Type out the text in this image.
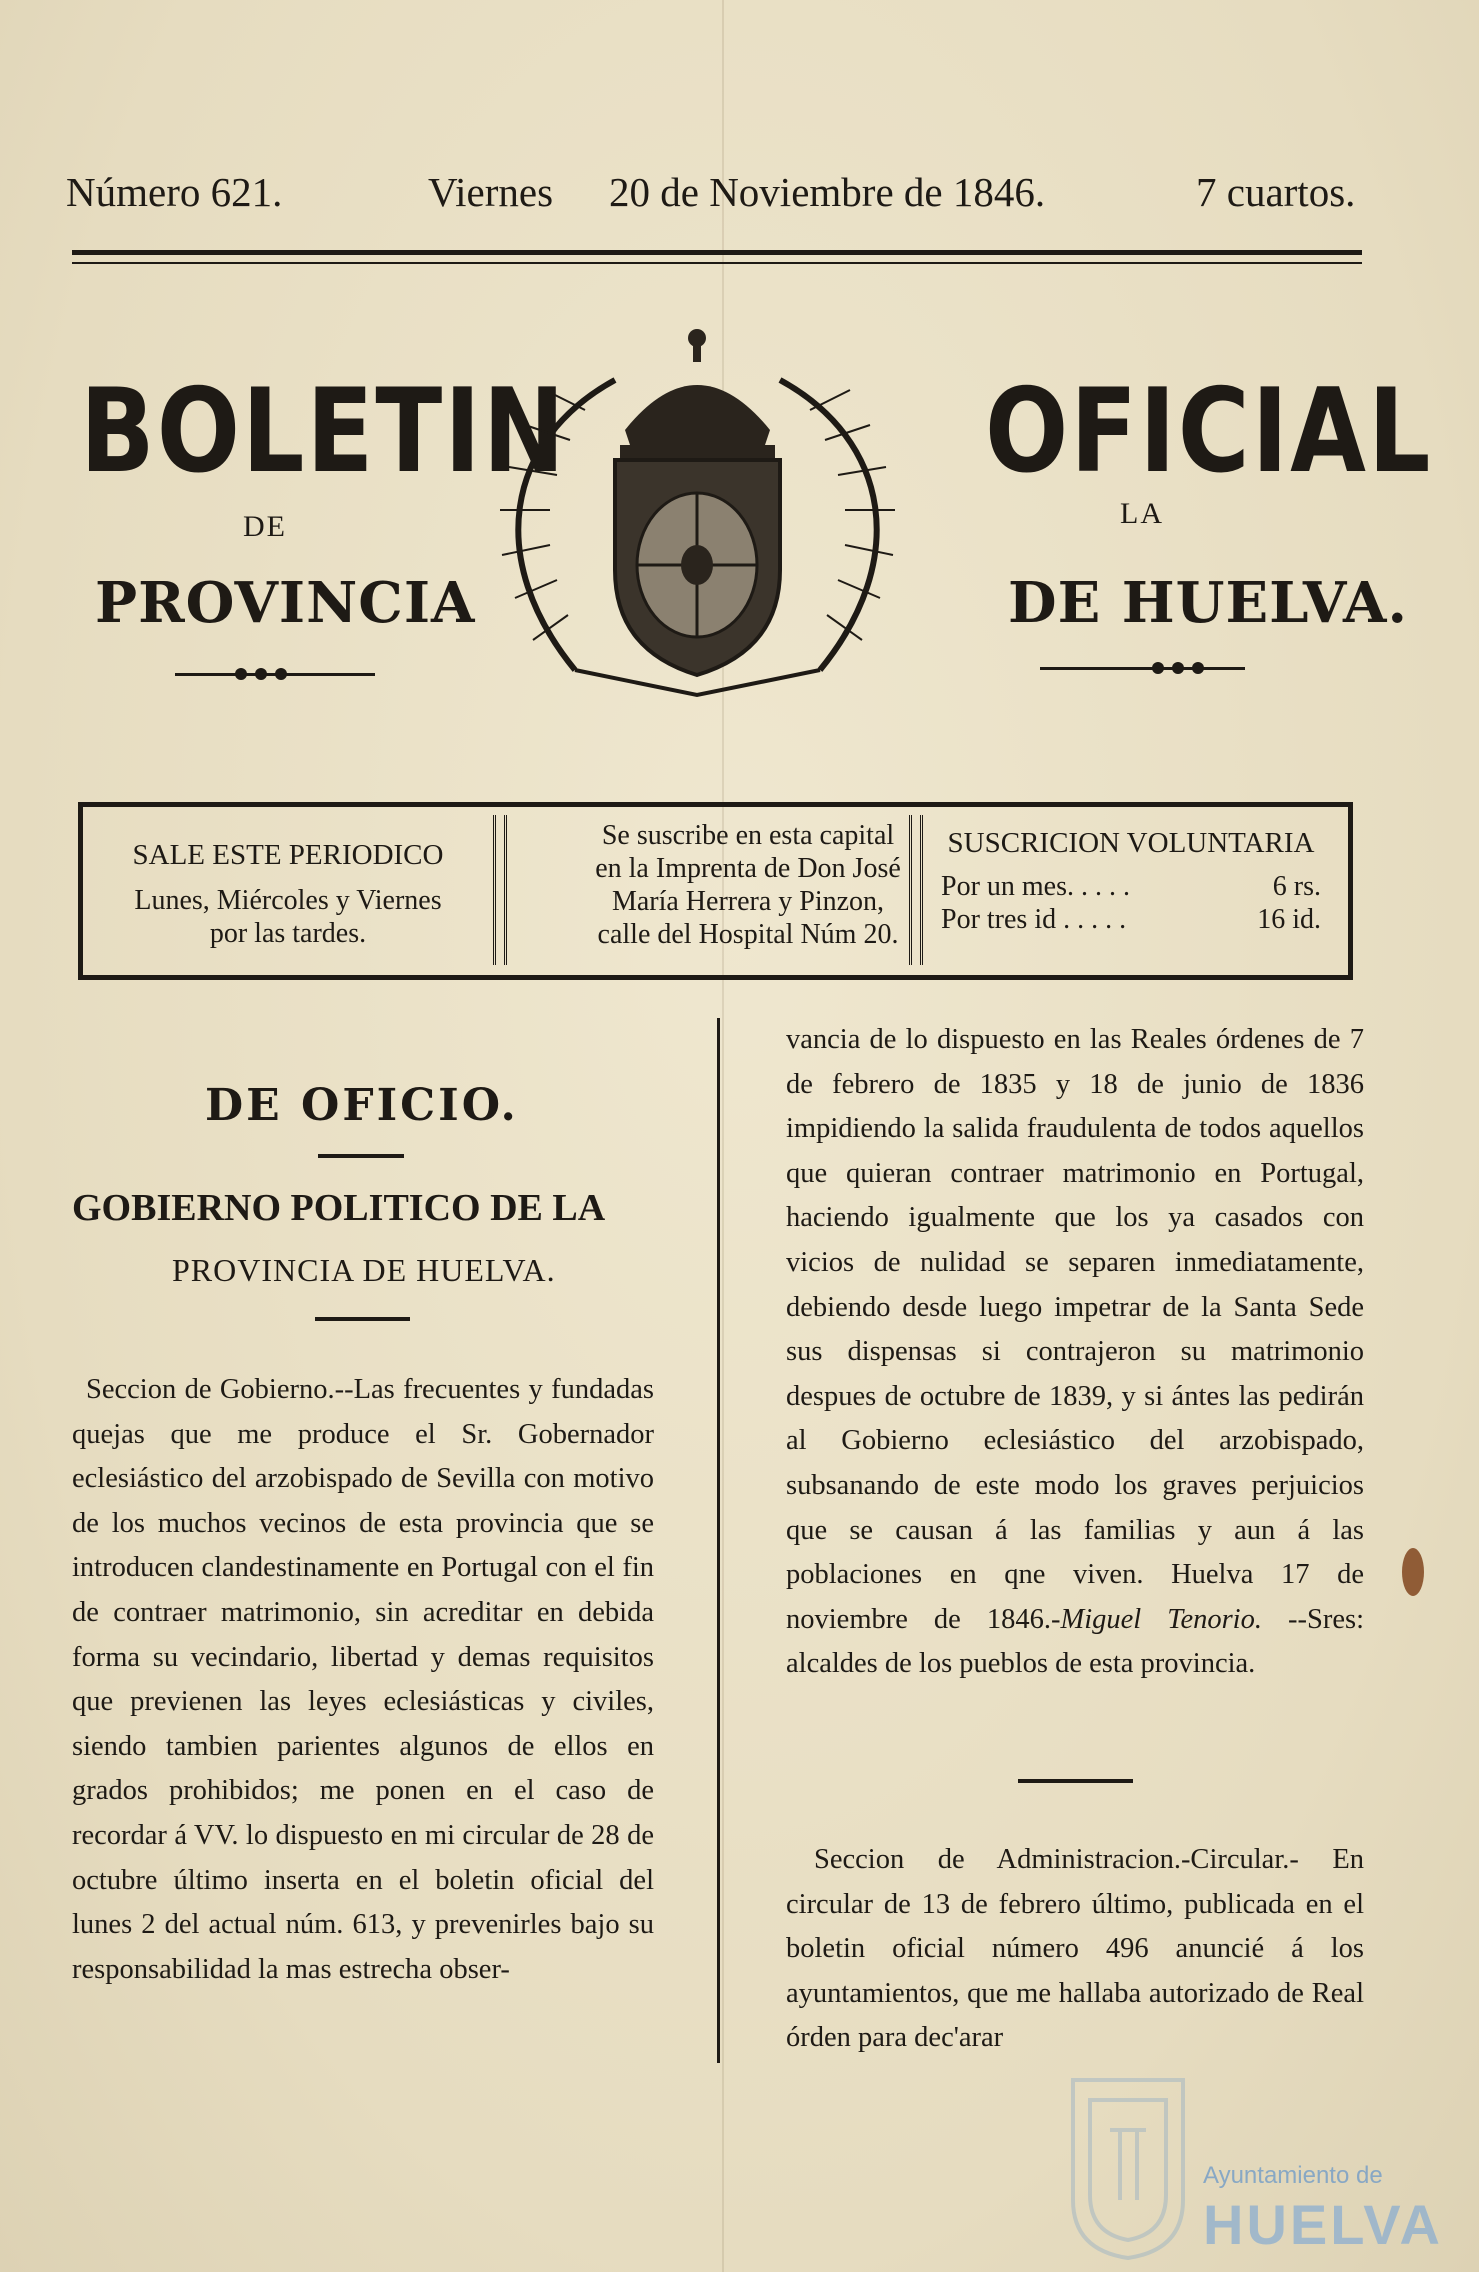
Número 621.	Viernes 20 de Noviembre de 1846.	7 cuartos.
BOLETIN
DE
PROVINCIA
OFICIAL
LA
DE HUELVA.
SALE ESTE PERIODICO
Lunes, Miércoles y Viernes
por las tardes.
Se suscribe en esta capital
en la Imprenta de Don José
María Herrera y Pinzon,
calle del Hospital Núm 20.
SUSCRICION VOLUNTARIA
Por un mes. . . . .	6 rs.
Por tres id . . . . .	16 id.
DE OFICIO.
GOBIERNO POLITICO DE LA
PROVINCIA DE HUELVA.

Seccion de Gobierno.--Las frecuentes y fundadas quejas que me produce el Sr. Gobernador eclesiástico del arzobispado de Sevilla con motivo de los muchos vecinos de esta provincia que se introducen clandestinamente en Portugal con el fin de contraer matrimonio, sin acreditar en debida forma su vecindario, libertad y demas requisitos que previenen las leyes eclesiásticas y civiles, siendo tambien parientes algunos de ellos en grados prohibidos; me ponen en el caso de recordar á VV. lo dispuesto en mi circular de 28 de octubre último inserta en el boletin oficial del lunes 2 del actual núm. 613, y prevenirles bajo su responsabilidad la mas estrecha obser-

vancia de lo dispuesto en las Reales órdenes de 7 de febrero de 1835 y 18 de junio de 1836 impidiendo la salida fraudulenta de todos aquellos que quieran contraer matrimonio en Portugal, haciendo igualmente que los ya casados con vicios de nulidad se separen inmediatamente, debiendo desde luego impetrar de la Santa Sede sus dispensas si contrajeron su matrimonio despues de octubre de 1839, y si ántes las pedirán al Gobierno eclesiástico del arzobispado, subsanando de este modo los graves perjuicios que se causan á las familias y aun á las poblaciones en qne viven. Huelva 17 de noviembre de 1846.-Miguel Tenorio. --Sres: alcaldes de los pueblos de esta provincia.

Seccion de Administracion.-Circular.- En circular de 13 de febrero último, publicada en el boletin oficial número 496 anuncié á los ayuntamientos, que me hallaba autorizado de Real órden para dec'arar

Ayuntamiento de
HUELVA
